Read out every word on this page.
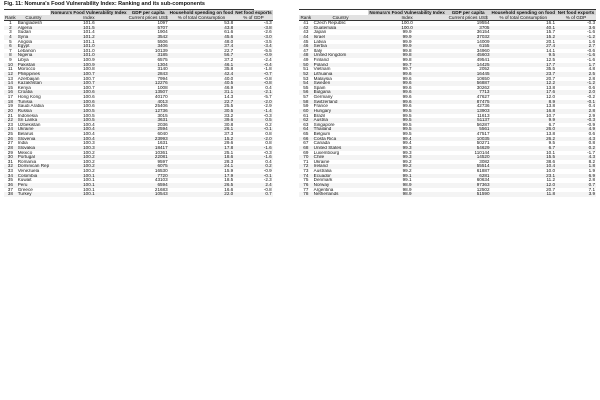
Fig. 11: Nomura's Food Vulnerability Index: Ranking and its sub-components
		Nomura's Food Vulnerability Index	GDP per capita	Household spending on food	Net food exports
Rank	Country	Index	Current prices US$	% of total Consumption	% of GDP
1	Bangladesh	101.6	1097	53.8	-4.3
2	Algeria	101.5	5707	43.8	-3.8
3	Sudan	101.4	1904	61.6	-2.6
4	Syria	101.2	3542	45.6	-3.0
5	Angola	101.1	5506	48.0	-3.5
6	Egypt	101.0	3406	37.4	-3.4
7	Lebanon	101.0	10139	22.7	-5.5
8	Nigeria	101.0	3185	56.7	-0.9
9	Libya	100.9	6575	37.2	-2.4
10	Pakistan	100.9	1304	46.1	-0.4
11	Morocco	100.8	3140	35.8	-1.8
12	Philippines	100.7	2843	42.4	-0.7
13	Azerbaijan	100.7	7994	40.0	-0.8
14	Kazakhstan	100.7	12276	40.5	-0.8
15	Kenya	100.7	1008	46.9	0.4
16	Croatia	100.6	13507	31.1	-2.1
17	Hong Kong	100.6	40170	14.3	-5.7
18	Tunisia	100.6	4013	22.7	-2.0
19	Saudi Arabia	100.6	25406	25.5	-2.9
20	Russia	100.5	12736	30.5	-1.4
21	Indonesia	100.5	3015	33.2	-0.3
22	Sri Lanka	100.5	3631	39.6	0.5
23	Uzbekistan	100.4	2036	30.8	0.2
24	Ukraine	100.4	2594	26.1	-0.1
25	Belarus	100.4	6040	37.3	0.8
26	Slovenia	100.4	23993	15.2	-2.0
27	India	100.3	1631	29.6	0.8
28	Slovakia	100.3	18417	17.8	-1.6
29	Mexico	100.2	10361	25.1	-0.3
30	Portugal	100.2	22081	18.6	-1.6
31	Romania	100.2	9597	28.3	0.4
32	Dominican Rep	100.2	6075	24.1	0.2
33	Venezuela	100.2	16530	15.9	-0.9
34	Colombia	100.1	7720	17.9	-0.1
35	Kuwait	100.1	43103	18.5	-2.3
36	Peru	100.1	6594	26.5	2.4
37	Greece	100.1	21683	16.6	-0.8
38	Turkey	100.1	10543	22.0	0.7
		Nomura's Food Vulnerability Index	GDP per capita	Household spending on food	Net food exports
Rank	Country	Index	Current prices US$	% of total Consumption	% of GDP
41	Czech Republic	100.0	19554	16.1	-0.3
42	Guatemala	100.0	3705	40.1	3.6
43	Japan	99.9	36154	15.7	-1.6
44	Israel	99.9	37032	15.2	-1.2
45	Latvia	99.9	14009	20.1	1.6
46	Serbia	99.9	6155	27.4	2.7
47	Italy	99.8	34960	14.1	-0.6
48	United Kingdom	99.8	45603	9.5	-1.6
49	Finland	99.8	49541	12.5	-1.6
50	Poland	99.7	14425	17.7	1.7
51	Vietnam	99.7	2052	35.5	4.8
52	Lithuania	99.6	16445	23.7	2.5
53	Malaysia	99.6	10650	20.7	2.8
54	Sweden	99.6	56887	12.2	-1.2
55	Spain	99.6	30262	13.8	0.6
56	Bulgaria	99.6	7713	17.6	2.0
57	Germany	99.6	47627	12.0	-0.2
58	Switzerland	99.6	87475	8.9	-0.1
59	France	99.6	42736	13.8	0.4
60	Hungary	99.5	13903	16.8	2.8
61	Brazil	99.5	11613	10.7	2.9
62	Austria	99.5	51137	9.9	-0.3
63	Singapore	99.5	56287	6.7	-0.9
64	Thailand	99.5	5561	26.0	4.9
65	Belgium	99.5	47517	13.8	0.6
66	Costa Rica	99.4	10035	26.2	4.3
67	Canada	99.4	50271	9.5	0.8
68	United States	99.3	54629	6.7	0.2
69	Luxembourg	99.3	110144	10.1	-1.7
70	Chile	99.3	14520	15.5	4.3
71	Ukraine	99.2	3082	38.6	8.2
72	Ireland	99.2	55514	10.4	1.8
73	Australia	99.2	61887	10.0	1.9
74	Ecuador	99.1	6281	23.1	6.9
75	Denmark	99.1	60634	11.2	2.8
76	Norway	98.9	97363	12.0	0.7
77	Argentina	98.9	12502	20.7	7.1
78	Netherlands	98.9	51590	11.8	3.9
